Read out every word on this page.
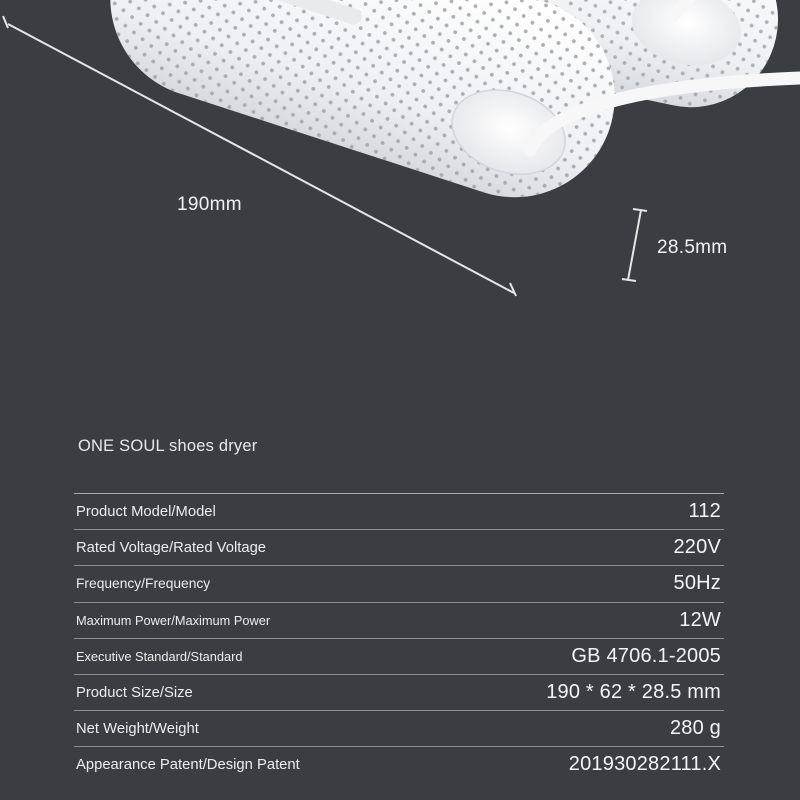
190mm
28.5mm
ONE SOUL shoes dryer
Product Model/Model	112
Rated Voltage/Rated Voltage	220V
Frequency/Frequency	50Hz
Maximum Power/Maximum Power	12W
Executive Standard/Standard	GB 4706.1-2005
Product Size/Size	190 * 62 * 28.5 mm
Net Weight/Weight	280 g
Appearance Patent/Design Patent	201930282111.X
